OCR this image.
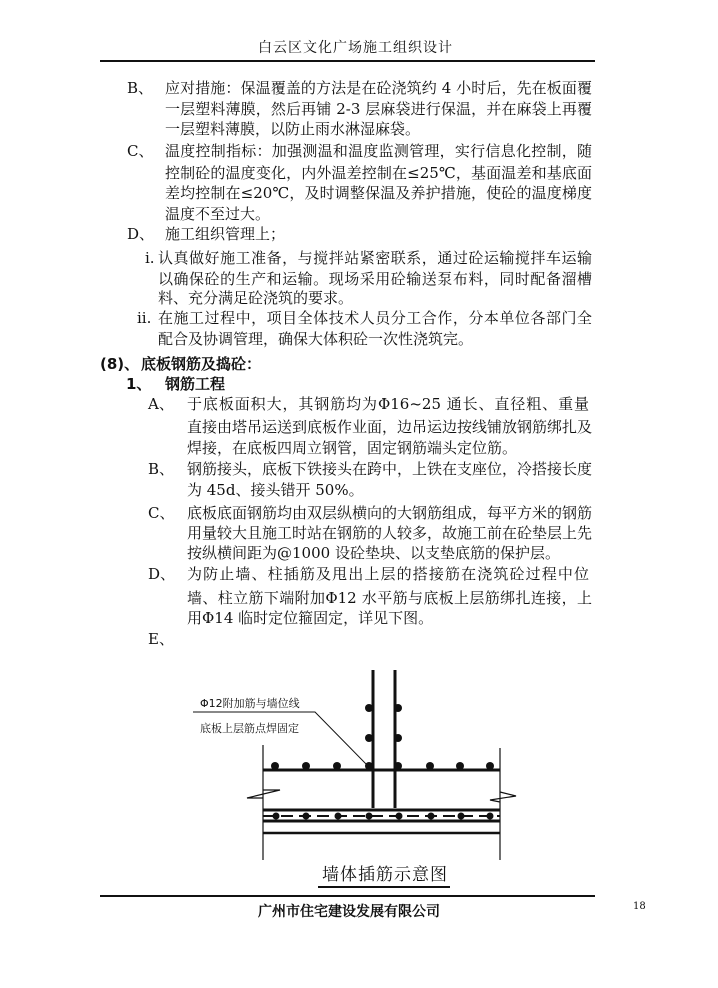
白云区文化广场施工组织设计
B、 应对措施：保温覆盖的方法是在砼浇筑约 4 小时后，先在板面覆
一层塑料薄膜，然后再铺 2-3 层麻袋进行保温，并在麻袋上再覆
一层塑料薄膜，以防止雨水淋湿麻袋。
C、 温度控制指标：加强测温和温度监测管理，实行信息化控制，随
控制砼的温度变化，内外温差控制在≤25℃，基面温差和基底面
差均控制在≤20℃，及时调整保温及养护措施，使砼的温度梯度
温度不至过大。
D、 施工组织管理上；
i. 认真做好施工准备，与搅拌站紧密联系，通过砼运输搅拌车运输
以确保砼的生产和运输。现场采用砼输送泵布料，同时配备溜槽
料、充分满足砼浇筑的要求。
ii. 在施工过程中，项目全体技术人员分工合作，分本单位各部门全
配合及协调管理，确保大体积砼一次性浇筑完。
(8)、 底板钢筋及捣砼：
1、 钢筋工程
A、 于底板面积大，其钢筋均为Φ16~25 通长、直径粗、重量
直接由塔吊运送到底板作业面，边吊运边按线铺放钢筋绑扎及
焊接，在底板四周立钢管，固定钢筋端头定位筋。
B、 钢筋接头，底板下铁接头在跨中，上铁在支座位，冷搭接长度
为 45d、接头错开 50%。
C、 底板底面钢筋均由双层纵横向的大钢筋组成，每平方米的钢筋
用量较大且施工时站在钢筋的人较多，故施工前在砼垫层上先
按纵横间距为@1000 设砼垫块、以支垫底筋的保护层。
D、 为防止墙、柱插筋及甩出上层的搭接筋在浇筑砼过程中位
墙、柱立筋下端附加Φ12 水平筋与底板上层筋绑扎连接，上
用Φ14 临时定位箍固定，详见下图。
E、
Φ12附加筋与墙位线
底板上层筋点焊固定
墙体插筋示意图
广州市住宅建设发展有限公司	18
